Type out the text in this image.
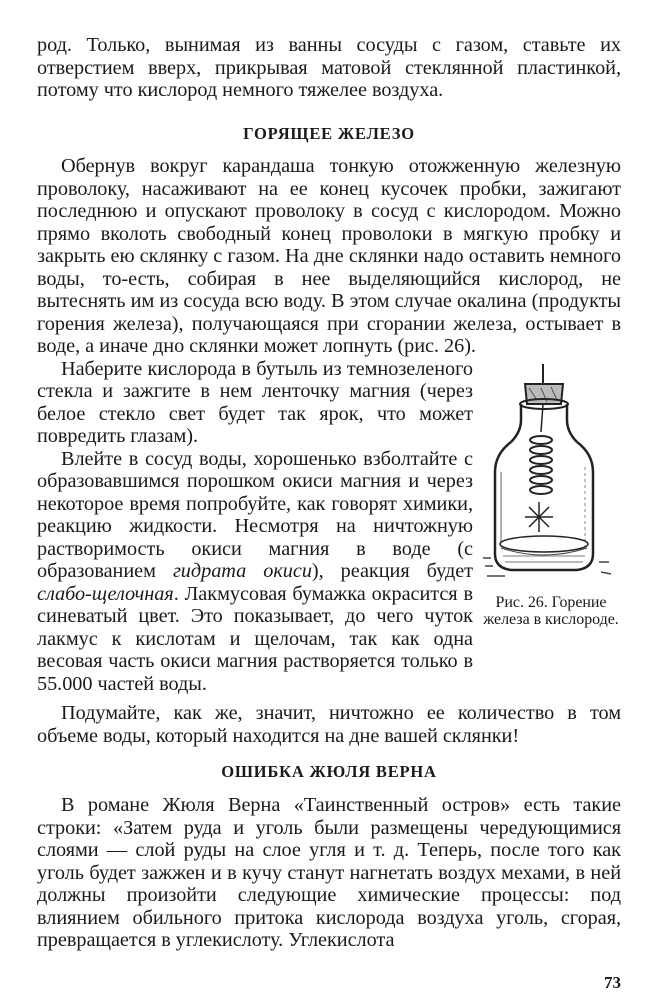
род. Только, вынимая из ванны сосуды с газом, ставьте их отверстием вверх, прикрывая матовой стеклянной пластинкой, потому что кислород немного тяжелее воздуха.

ГОРЯЩЕЕ ЖЕЛЕЗО

Обернув вокруг карандаша тонкую отожженную железную проволоку, насаживают на ее конец кусочек пробки, зажигают последнюю и опускают проволоку в сосуд с кислородом. Можно прямо вколоть свободный конец проволоки в мягкую пробку и закрыть ею склянку с газом. На дне склянки надо оставить немного воды, то-есть, собирая в нее выделяющийся кислород, не вытеснять им из сосуда всю воду. В этом случае окалина (продукты горения железа), получающаяся при сгорании железа, остывает в воде, а иначе дно склянки может лопнуть (рис. 26).

Рис. 26. Горение железа в кислороде.

Наберите кислорода в бутыль из темнозеленого стекла и зажгите в нем ленточку магния (через белое стекло свет будет так ярок, что может повредить глазам).

Влейте в сосуд воды, хорошенько взболтайте с образовавшимся порошком окиси магния и через некоторое время попробуйте, как говорят химики, реакцию жидкости. Несмотря на ничтожную растворимость окиси магния в воде (с образованием гидрата окиси), реакция будет слабо-щелочная. Лакмусовая бумажка окрасится в синеватый цвет. Это показывает, до чего чуток лакмус к кислотам и щелочам, так как одна весовая часть окиси магния растворяется только в 55.000 частей воды.

Подумайте, как же, значит, ничтожно ее количество в том объеме воды, который находится на дне вашей склянки!

ОШИБКА ЖЮЛЯ ВЕРНА

В романе Жюля Верна «Таинственный остров» есть такие строки: «Затем руда и уголь были размещены чередующимися слоями — слой руды на слое угля и т. д. Теперь, после того как уголь будет зажжен и в кучу станут нагнетать воздух мехами, в ней должны произойти следующие химические процессы: под влиянием обильного притока кислорода воздуха уголь, сгорая, превращается в углекислоту. Углекислота

73
